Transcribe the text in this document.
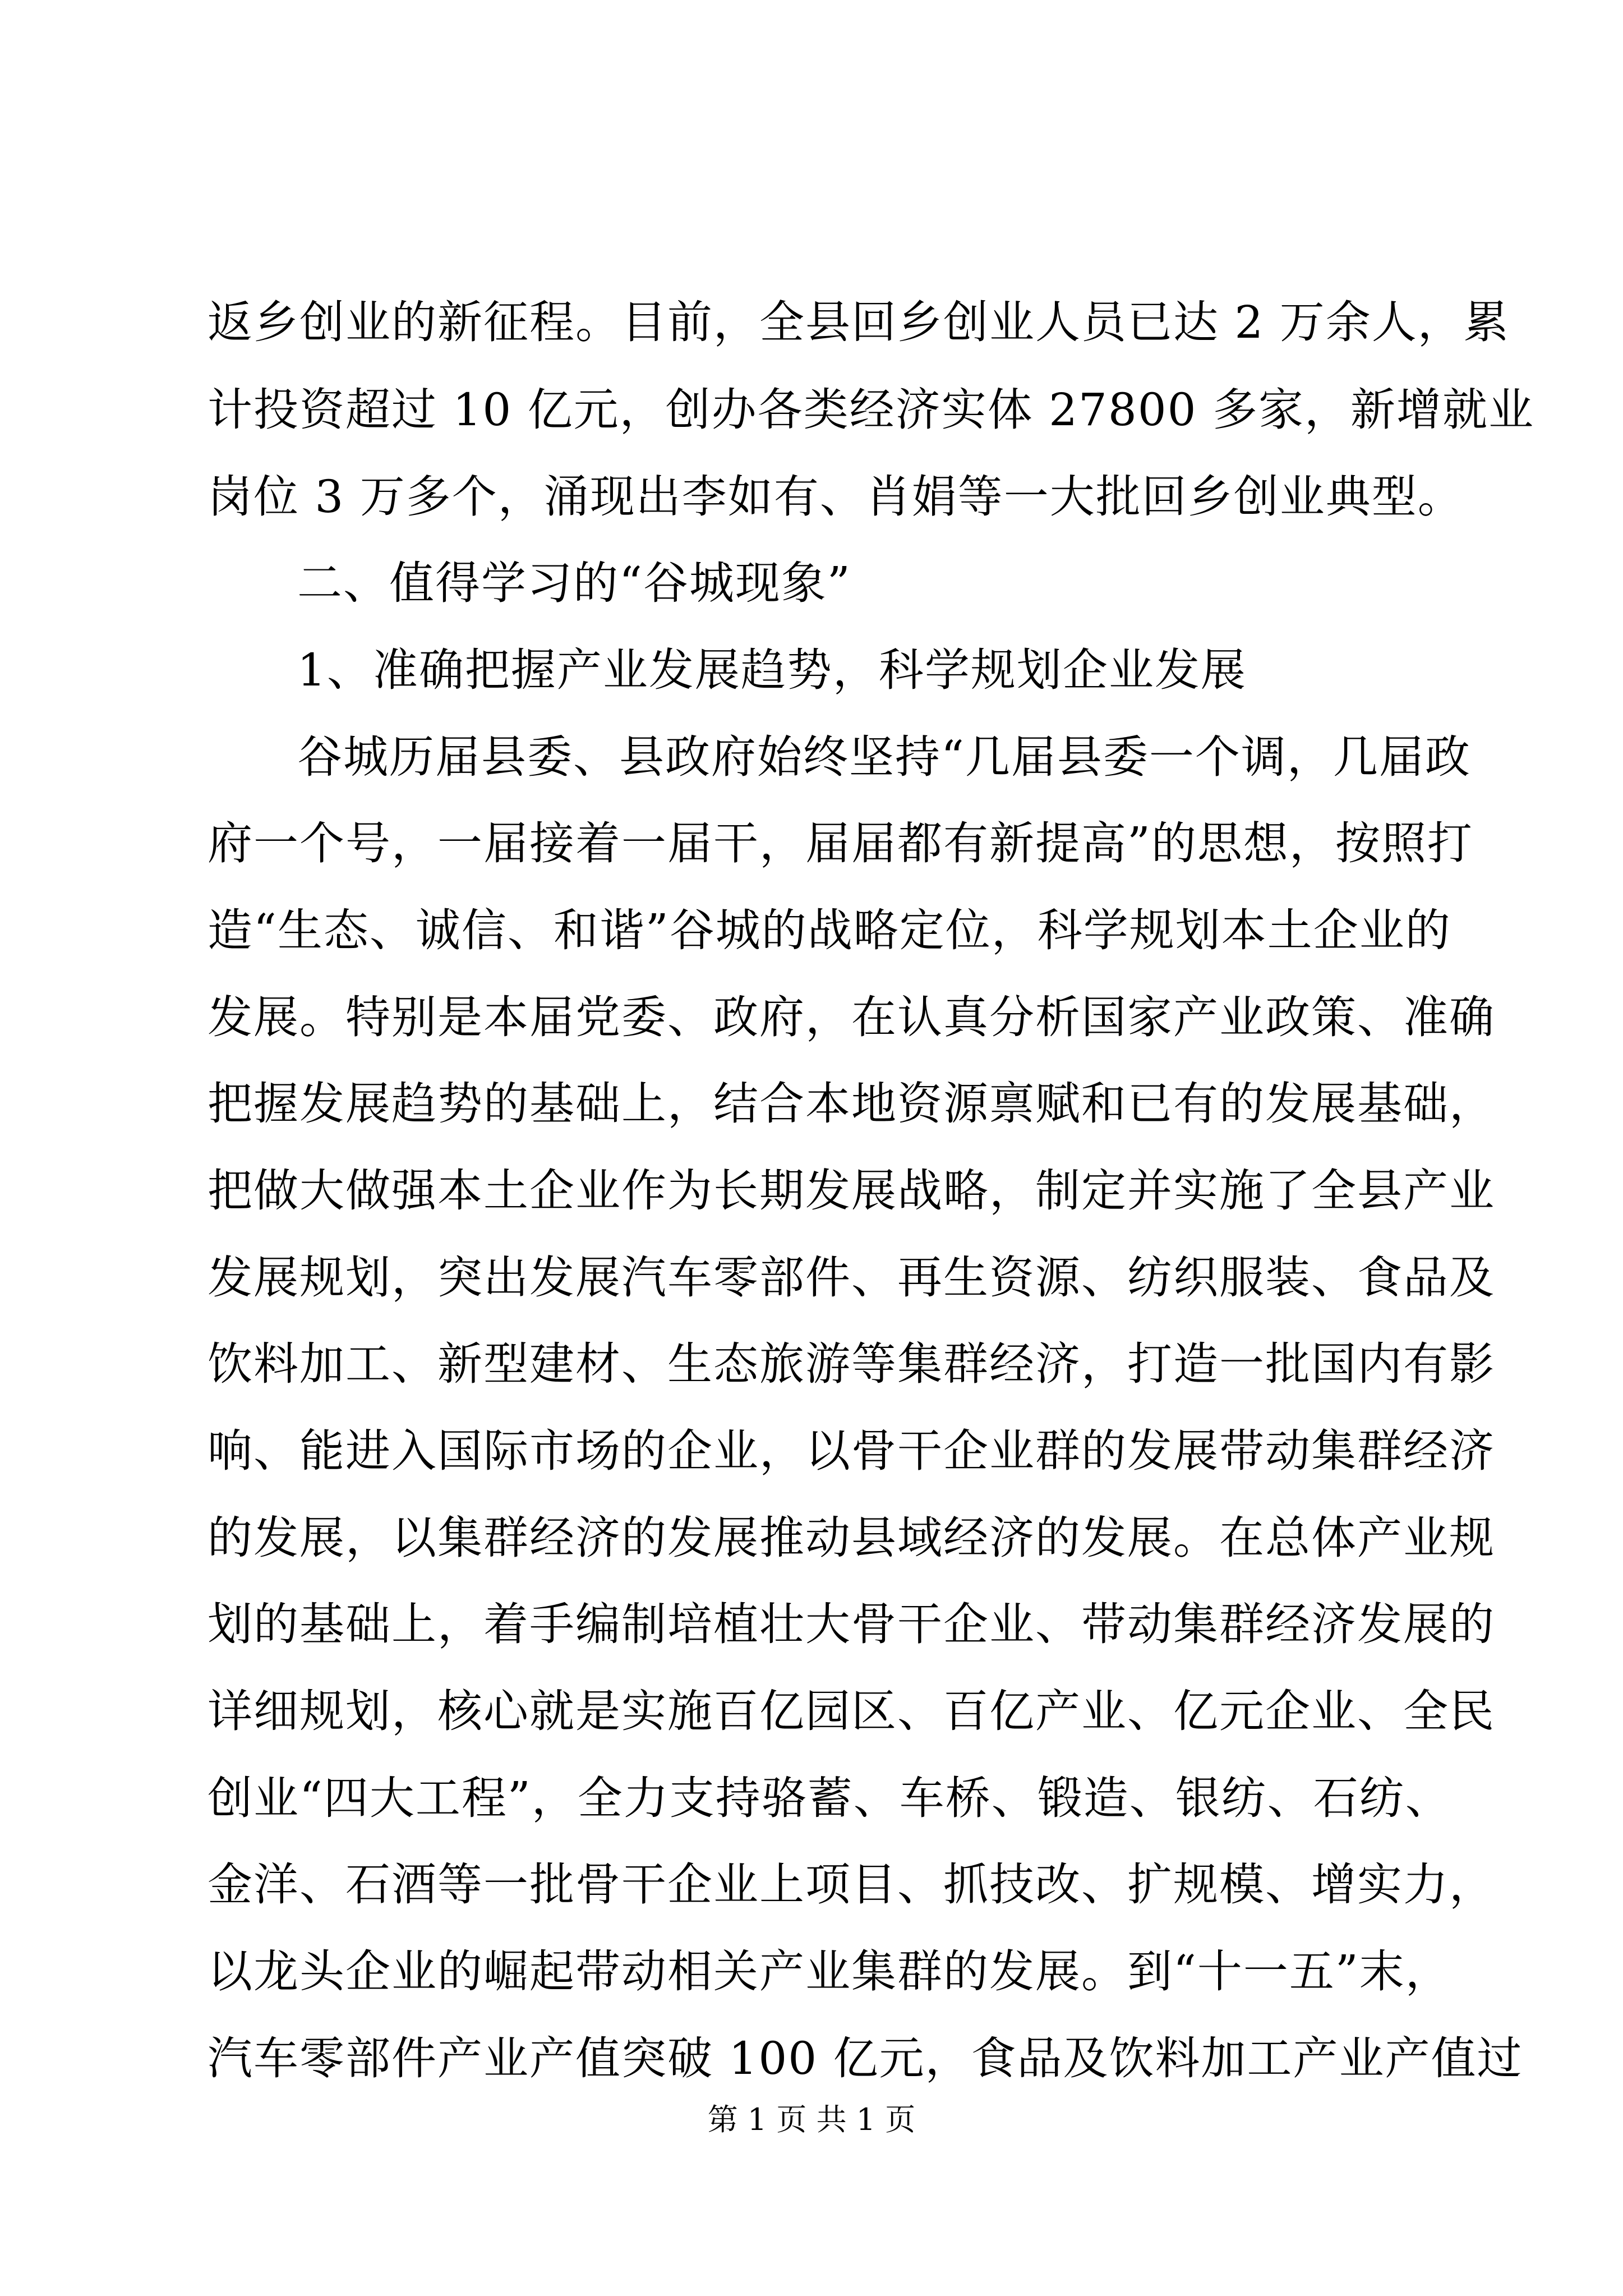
返乡创业的新征程。目前，全县回乡创业人员已达 2 万余人，累
计投资超过 10 亿元，创办各类经济实体 27800 多家，新增就业
岗位 3 万多个，涌现出李如有、肖娟等一大批回乡创业典型。
二、值得学习的“谷城现象”
1、准确把握产业发展趋势，科学规划企业发展
谷城历届县委、县政府始终坚持“几届县委一个调，几届政
府一个号，一届接着一届干，届届都有新提高”的思想，按照打
造“生态、诚信、和谐”谷城的战略定位，科学规划本土企业的
发展。特别是本届党委、政府，在认真分析国家产业政策、准确
把握发展趋势的基础上，结合本地资源禀赋和已有的发展基础，
把做大做强本土企业作为长期发展战略，制定并实施了全县产业
发展规划，突出发展汽车零部件、再生资源、纺织服装、食品及
饮料加工、新型建材、生态旅游等集群经济，打造一批国内有影
响、能进入国际市场的企业，以骨干企业群的发展带动集群经济
的发展，以集群经济的发展推动县域经济的发展。在总体产业规
划的基础上，着手编制培植壮大骨干企业、带动集群经济发展的
详细规划，核心就是实施百亿园区、百亿产业、亿元企业、全民
创业“四大工程”，全力支持骆蓄、车桥、锻造、银纺、石纺、
金洋、石酒等一批骨干企业上项目、抓技改、扩规模、增实力，
以龙头企业的崛起带动相关产业集群的发展。到“十一五”末，
汽车零部件产业产值突破 100 亿元，食品及饮料加工产业产值过
第 1 页 共 1 页
